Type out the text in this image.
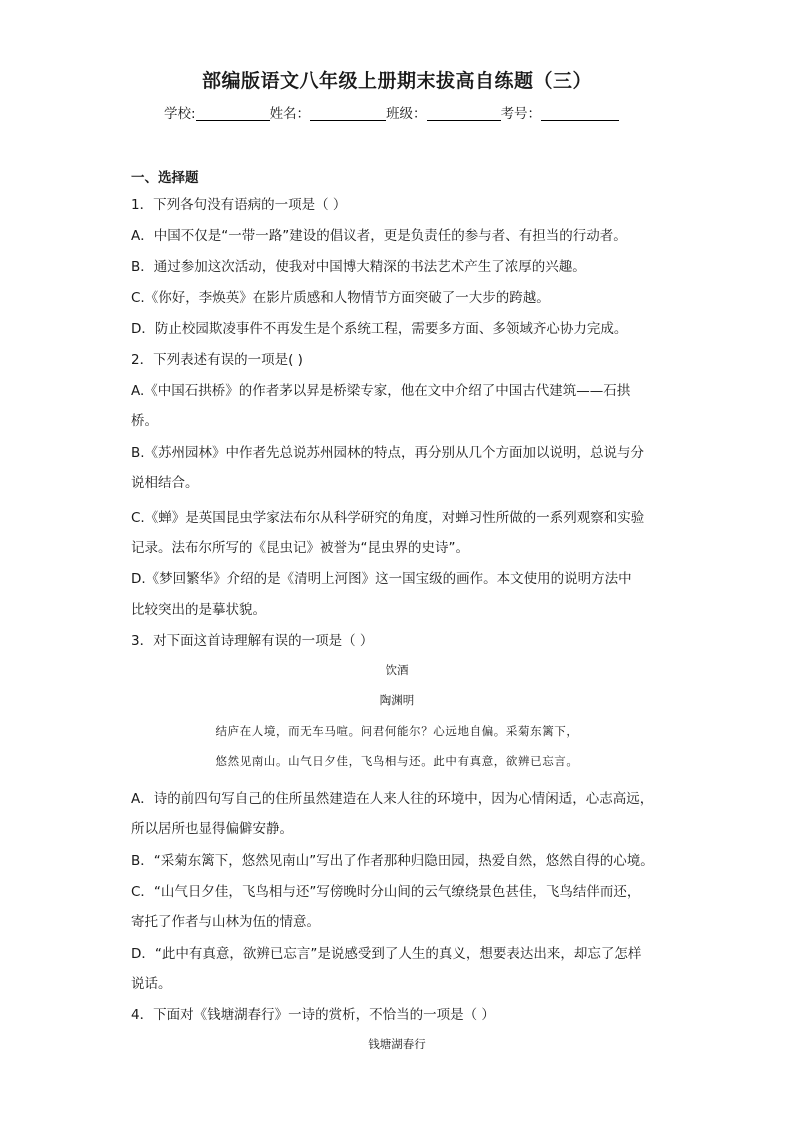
部编版语文八年级上册期末拔高自练题（三）
学校:	姓名：	班级：	考号：
一、选择题
1．下列各句没有语病的一项是（ ）
A．中国不仅是“一带一路”建设的倡议者，更是负责任的参与者、有担当的行动者。
B．通过参加这次活动，使我对中国博大精深的书法艺术产生了浓厚的兴趣。
C.《你好，李焕英》在影片质感和人物情节方面突破了一大步的跨越。
D．防止校园欺凌事件不再发生是个系统工程，需要多方面、多领域齐心协力完成。
2．下列表述有误的一项是( )
A.《中国石拱桥》的作者茅以昇是桥梁专家，他在文中介绍了中国古代建筑——石拱
桥。
B.《苏州园林》中作者先总说苏州园林的特点，再分别从几个方面加以说明，总说与分
说相结合。
C.《蝉》是英国昆虫学家法布尔从科学研究的角度，对蝉习性所做的一系列观察和实验
记录。法布尔所写的《昆虫记》被誉为“昆虫界的史诗”。
D.《梦回繁华》介绍的是《清明上河图》这一国宝级的画作。本文使用的说明方法中
比较突出的是摹状貌。
3．对下面这首诗理解有误的一项是（ ）
饮酒
陶渊明
结庐在人境，而无车马喧。问君何能尔？心远地自偏。采菊东篱下，
悠然见南山。山气日夕佳，飞鸟相与还。此中有真意，欲辨已忘言。
A．诗的前四句写自己的住所虽然建造在人来人往的环境中，因为心情闲适，心志高远，
所以居所也显得偏僻安静。
B．“采菊东篱下，悠然见南山”写出了作者那种归隐田园，热爱自然，悠然自得的心境。
C．“山气日夕佳，飞鸟相与还”写傍晚时分山间的云气缭绕景色甚佳，飞鸟结伴而还，
寄托了作者与山林为伍的情意。
D．“此中有真意，欲辨已忘言”是说感受到了人生的真义，想要表达出来，却忘了怎样
说话。
4．下面对《钱塘湖春行》一诗的赏析，不恰当的一项是（ ）
钱塘湖春行
